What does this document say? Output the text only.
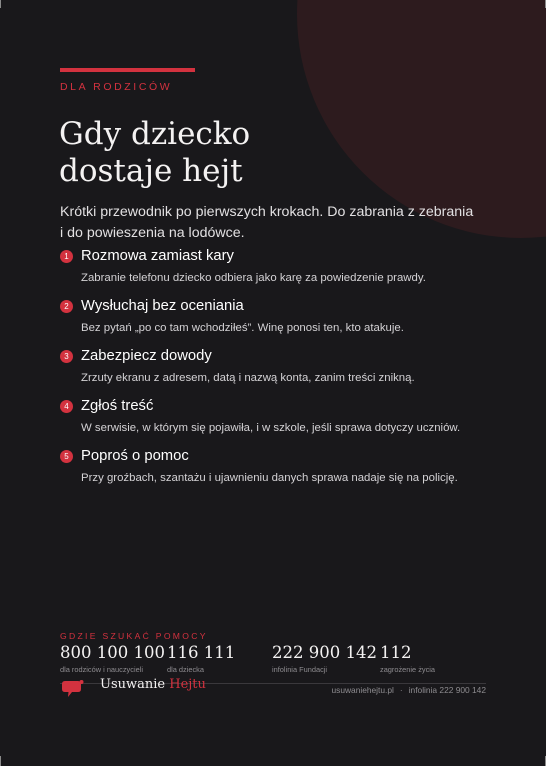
DLA RODZICÓW
Gdy dziecko
dostaje hejt

Krótki przewodnik po pierwszych krokach. Do zabrania z zebrania i do powieszenia na lodówce.

1 Rozmowa zamiast kary
Zabranie telefonu dziecko odbiera jako karę za powiedzenie prawdy.
2 Wysłuchaj bez oceniania
Bez pytań „po co tam wchodziłeś”. Winę ponosi ten, kto atakuje.
3 Zabezpiecz dowody
Zrzuty ekranu z adresem, datą i nazwą konta, zanim treści znikną.
4 Zgłoś treść
W serwisie, w którym się pojawiła, i w szkole, jeśli sprawa dotyczy uczniów.
5 Poproś o pomoc
Przy groźbach, szantażu i ujawnieniu danych sprawa nadaje się na policję.
GDZIE SZUKAĆ POMOCY
800 100 100
dla rodziców i nauczycieli
116 111
dla dziecka
222 900 142
infolinia Fundacji
112
zagrożenie życia
Usuwanie Hejtu	usuwaniehejtu.pl · infolinia 222 900 142
